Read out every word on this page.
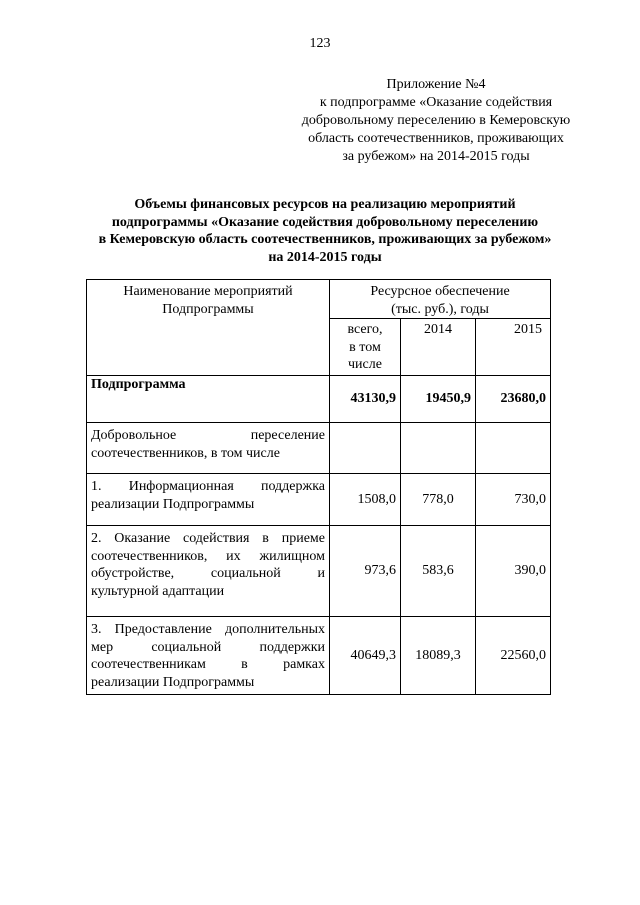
123
Приложение №4
к подпрограмме «Оказание содействия
добровольному переселению в Кемеровскую
область соотечественников, проживающих
за рубежом» на 2014-2015 годы
Объемы финансовых ресурсов на реализацию мероприятий
подпрограммы «Оказание содействия добровольному переселению
в Кемеровскую область соотечественников, проживающих за рубежом»
на 2014-2015 годы
Наименование мероприятий
Подпрограммы	Ресурсное обеспечение
(тыс. руб.), годы		

	всего,
в том
числе	2014	2015
Подпрограмма	43130,9	19450,9	23680,0

Добровольное переселение
соотечественников, в том числе			

1. Информационная поддержка
реализации Подпрограммы	1508,0	778,0	730,0

2. Оказание содействия в приеме
соотечественников, их жилищном
обустройстве, социальной и
культурной адаптации	973,6	583,6	390,0

3. Предоставление дополнительных
мер социальной поддержки
соотечественникам в рамках
реализации Подпрограммы	40649,3	18089,3	22560,0
